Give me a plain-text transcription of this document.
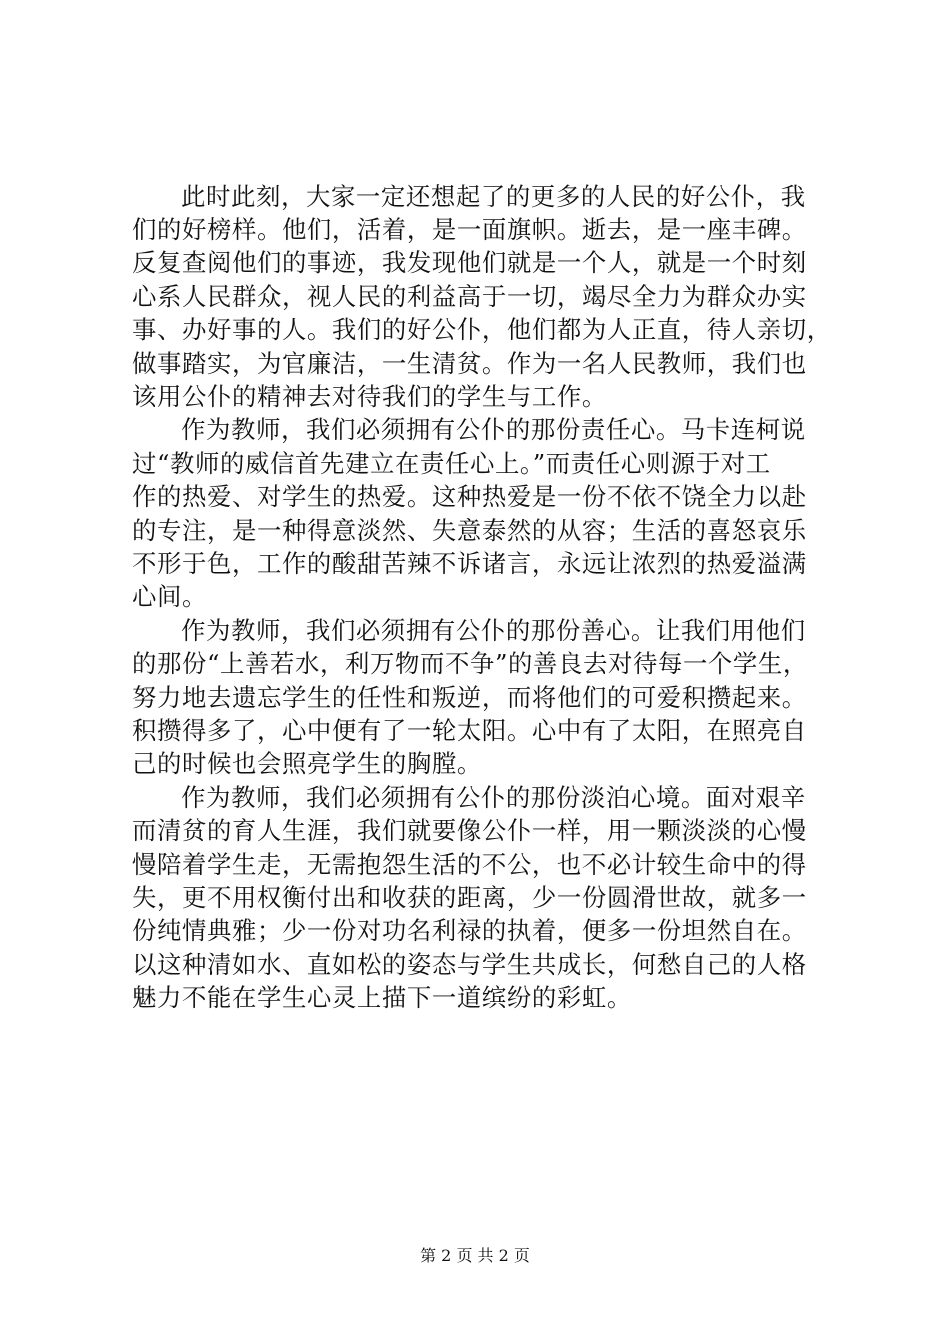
此时此刻，大家一定还想起了的更多的人民的好公仆，我
们的好榜样。他们，活着，是一面旗帜。逝去，是一座丰碑。
反复查阅他们的事迹，我发现他们就是一个人，就是一个时刻
心系人民群众，视人民的利益高于一切，竭尽全力为群众办实
事、办好事的人。我们的好公仆，他们都为人正直，待人亲切，
做事踏实，为官廉洁，一生清贫。作为一名人民教师，我们也
该用公仆的精神去对待我们的学生与工作。
作为教师，我们必须拥有公仆的那份责任心。马卡连柯说
过“教师的威信首先建立在责任心上。”而责任心则源于对工
作的热爱、对学生的热爱。这种热爱是一份不依不饶全力以赴
的专注，是一种得意淡然、失意泰然的从容；生活的喜怒哀乐
不形于色，工作的酸甜苦辣不诉诸言，永远让浓烈的热爱溢满
心间。
作为教师，我们必须拥有公仆的那份善心。让我们用他们
的那份“上善若水，利万物而不争”的善良去对待每一个学生，
努力地去遗忘学生的任性和叛逆，而将他们的可爱积攒起来。
积攒得多了，心中便有了一轮太阳。心中有了太阳，在照亮自
己的时候也会照亮学生的胸膛。
作为教师，我们必须拥有公仆的那份淡泊心境。面对艰辛
而清贫的育人生涯，我们就要像公仆一样，用一颗淡淡的心慢
慢陪着学生走，无需抱怨生活的不公，也不必计较生命中的得
失，更不用权衡付出和收获的距离，少一份圆滑世故，就多一
份纯情典雅；少一份对功名利禄的执着，便多一份坦然自在。
以这种清如水、直如松的姿态与学生共成长，何愁自己的人格
魅力不能在学生心灵上描下一道缤纷的彩虹。
第 2 页 共 2 页
